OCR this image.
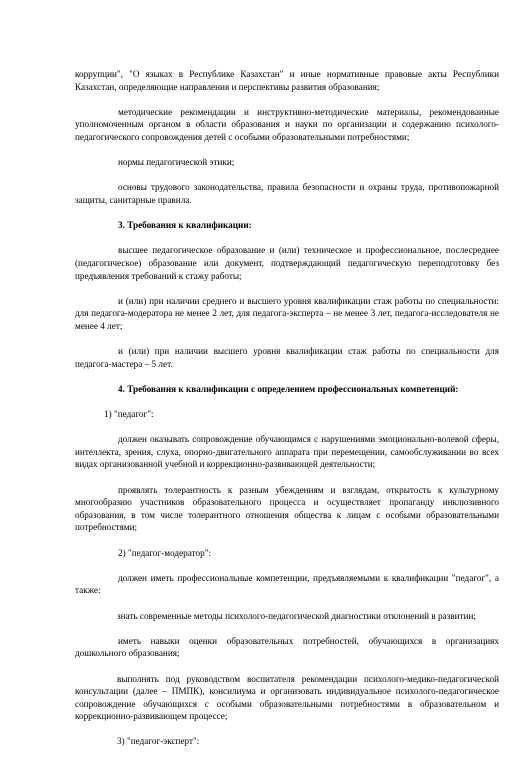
коррупции", "О языках в Республике Казахстан" и иные нормативные правовые акты Республики Казахстан, определяющие направления и перспективы развития образования;

методические рекомендации и инструктивно-методические материалы, рекомендованные уполномоченным органом в области образования и науки по организации и содержанию психолого-педагогического сопровождения детей с особыми образовательными потребностями;

нормы педагогической этики;

основы трудового законодательства, правила безопасности и охраны труда, противопожарной защиты, санитарные правила.

3. Требования к квалификации:

высшее педагогическое образование и (или) техническое и профессиональное, послесреднее (педагогическое) образование или документ, подтверждающий педагогическую переподготовку без предъявления требований к стажу работы;

и (или) при наличии среднего и высшего уровня квалификации стаж работы по специальности: для педагога-модератора не менее 2 лет, для педагога-эксперта – не менее 3 лет, педагога-исследователя не менее 4 лет;

и (или) при наличии высшего уровня квалификации стаж работы по специальности для педагога-мастера – 5 лет.

4. Требования к квалификации с определением профессиональных компетенций:

1) "педагог":

должен оказывать сопровождение обучающимся с нарушениями эмоционально-волевой сферы, интеллекта, зрения, слуха, опорно-двигательного аппарата при перемещении, самообслуживании во всех видах организованной учебной и коррекционно-развивающей деятельности;

проявлять толерантность к разным убеждениям и взглядам, открытость к культурному многообразию участников образовательного процесса и осуществляет пропаганду инклюзивного образования, в том числе толерантного отношения общества к лицам с особыми образовательными потребностями;

2) "педагог-модератор":

должен иметь профессиональные компетенции, предъявляемыми к квалификации "педагог", а также:

знать современные методы психолого-педагогической диагностики отклонений в развитии;

иметь навыки оценки образовательных потребностей, обучающихся в организациях дошкольного образования;

выполнять под руководством воспитателя рекомендации психолого-медико-педагогической консультации (далее – ПМПК), консилиума и организовать индивидуальное психолого-педагогическое сопровождение обучающихся с особыми образовательными потребностями в образовательном и коррекционно-развивающем процессе;

3) "педагог-эксперт":
